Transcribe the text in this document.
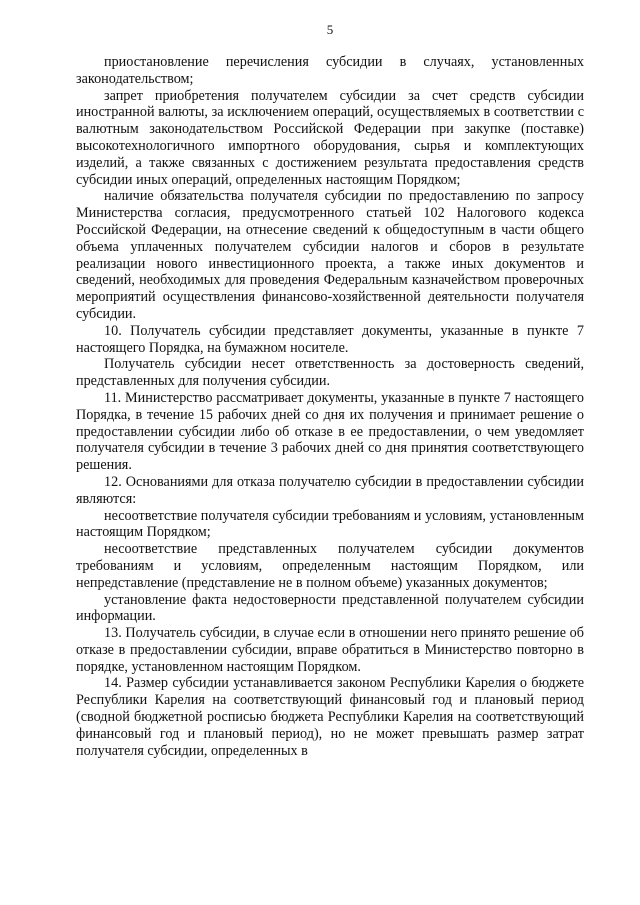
5

приостановление перечисления субсидии в случаях, установленных законодательством;

запрет приобретения получателем субсидии за счет средств субсидии иностранной валюты, за исключением операций, осуществляемых в соответствии с валютным законодательством Российской Федерации при закупке (поставке) высокотехнологичного импортного оборудования, сырья и комплектующих изделий, а также связанных с достижением результата предоставления средств субсидии иных операций, определенных настоящим Порядком;

наличие обязательства получателя субсидии по предоставлению по запросу Министерства согласия, предусмотренного статьей 102 Налогового кодекса Российской Федерации, на отнесение сведений к общедоступным в части общего объема уплаченных получателем субсидии налогов и сборов в результате реализации нового инвестиционного проекта, а также иных документов и сведений, необходимых для проведения Федеральным казначейством проверочных мероприятий осуществления финансово-хозяйственной деятельности получателя субсидии.

10. Получатель субсидии представляет документы, указанные в пункте 7 настоящего Порядка, на бумажном носителе.

Получатель субсидии несет ответственность за достоверность сведений, представленных для получения субсидии.

11. Министерство рассматривает документы, указанные в пункте 7 настоящего Порядка, в течение 15 рабочих дней со дня их получения и принимает решение о предоставлении субсидии либо об отказе в ее предоставлении, о чем уведомляет получателя субсидии в течение 3 рабочих дней со дня принятия соответствующего решения.

12. Основаниями для отказа получателю субсидии в предоставлении субсидии являются:

несоответствие получателя субсидии требованиям и условиям, установленным настоящим Порядком;

несоответствие представленных получателем субсидии документов требованиям и условиям, определенным настоящим Порядком, или непредставление (представление не в полном объеме) указанных документов;

установление факта недостоверности представленной получателем субсидии информации.

13. Получатель субсидии, в случае если в отношении него принято решение об отказе в предоставлении субсидии, вправе обратиться в Министерство повторно в порядке, установленном настоящим Порядком.

14. Размер субсидии устанавливается законом Республики Карелия о бюджете Республики Карелия на соответствующий финансовый год и плановый период (сводной бюджетной росписью бюджета Республики Карелия на соответствующий финансовый год и плановый период), но не может превышать размер затрат получателя субсидии, определенных в
